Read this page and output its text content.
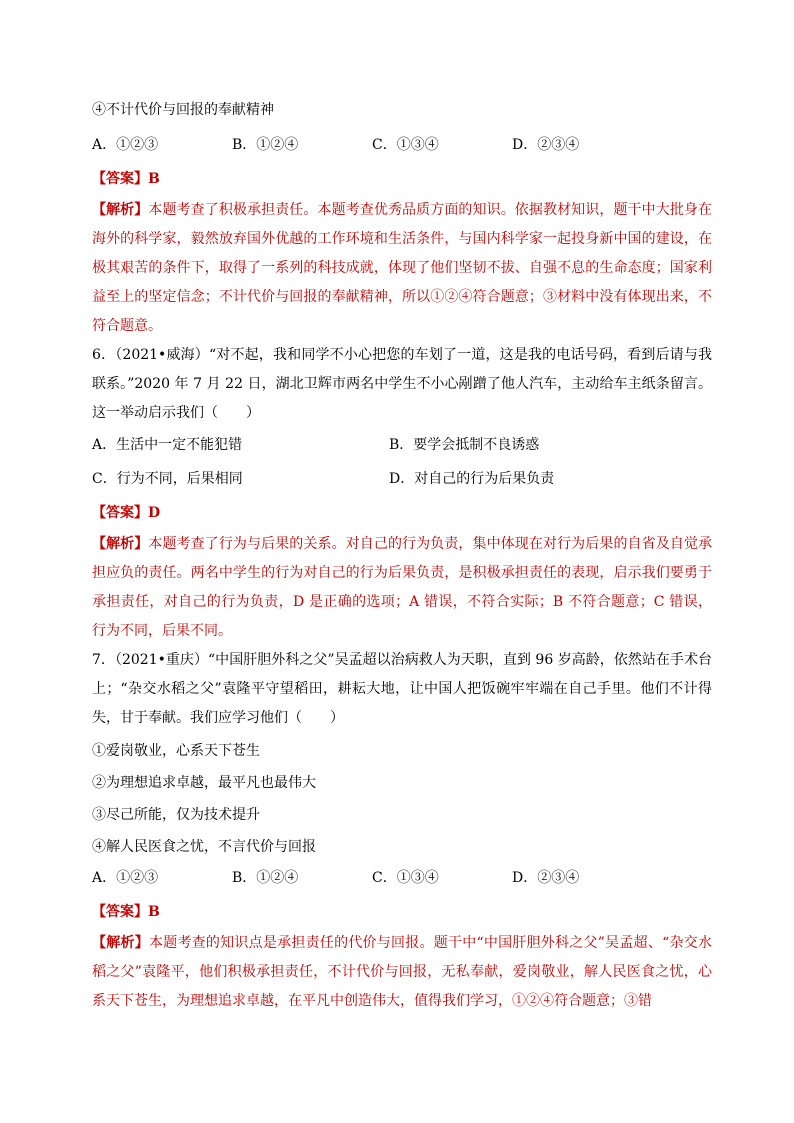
④不计代价与回报的奉献精神
A．①②③	B．①②④	C．①③④	D．②③④
【答案】B
【解析】本题考查了积极承担责任。本题考查优秀品质方面的知识。依据教材知识，题干中大批身在海外的科学家，毅然放弃国外优越的工作环境和生活条件，与国内科学家一起投身新中国的建设，在极其艰苦的条件下，取得了一系列的科技成就，体现了他们坚韧不拔、自强不息的生命态度；国家利益至上的坚定信念；不计代价与回报的奉献精神，所以①②④符合题意；③材料中没有体现出来，不符合题意。
6．（2021•威海）“对不起，我和同学不小心把您的车划了一道，这是我的电话号码，看到后请与我联系。”2020 年 7 月 22 日，湖北卫辉市两名中学生不小心剐蹭了他人汽车，主动给车主纸条留言。这一举动启示我们（　　）
A．生活中一定不能犯错	B．要学会抵制不良诱惑
C．行为不同，后果相同	D．对自己的行为后果负责
【答案】D
【解析】本题考查了行为与后果的关系。对自己的行为负责，集中体现在对行为后果的自省及自觉承担应负的责任。两名中学生的行为对自己的行为后果负责，是积极承担责任的表现，启示我们要勇于承担责任，对自己的行为负责，D 是正确的选项；A 错误，不符合实际；B 不符合题意；C 错误，行为不同，后果不同。
7．（2021•重庆）“中国肝胆外科之父”吴孟超以治病救人为天职，直到 96 岁高龄，依然站在手术台上；“杂交水稻之父”袁隆平守望稻田，耕耘大地，让中国人把饭碗牢牢端在自己手里。他们不计得失，甘于奉献。我们应学习他们（　　）
①爱岗敬业，心系天下苍生
②为理想追求卓越，最平凡也最伟大
③尽己所能，仅为技术提升
④解人民医食之忧，不言代价与回报
A．①②③	B．①②④	C．①③④	D．②③④
【答案】B
【解析】本题考查的知识点是承担责任的代价与回报。题干中“中国肝胆外科之父”吴孟超、“杂交水稻之父”袁隆平，他们积极承担责任，不计代价与回报，无私奉献，爱岗敬业，解人民医食之忧，心系天下苍生，为理想追求卓越，在平凡中创造伟大，值得我们学习，①②④符合题意；③错
